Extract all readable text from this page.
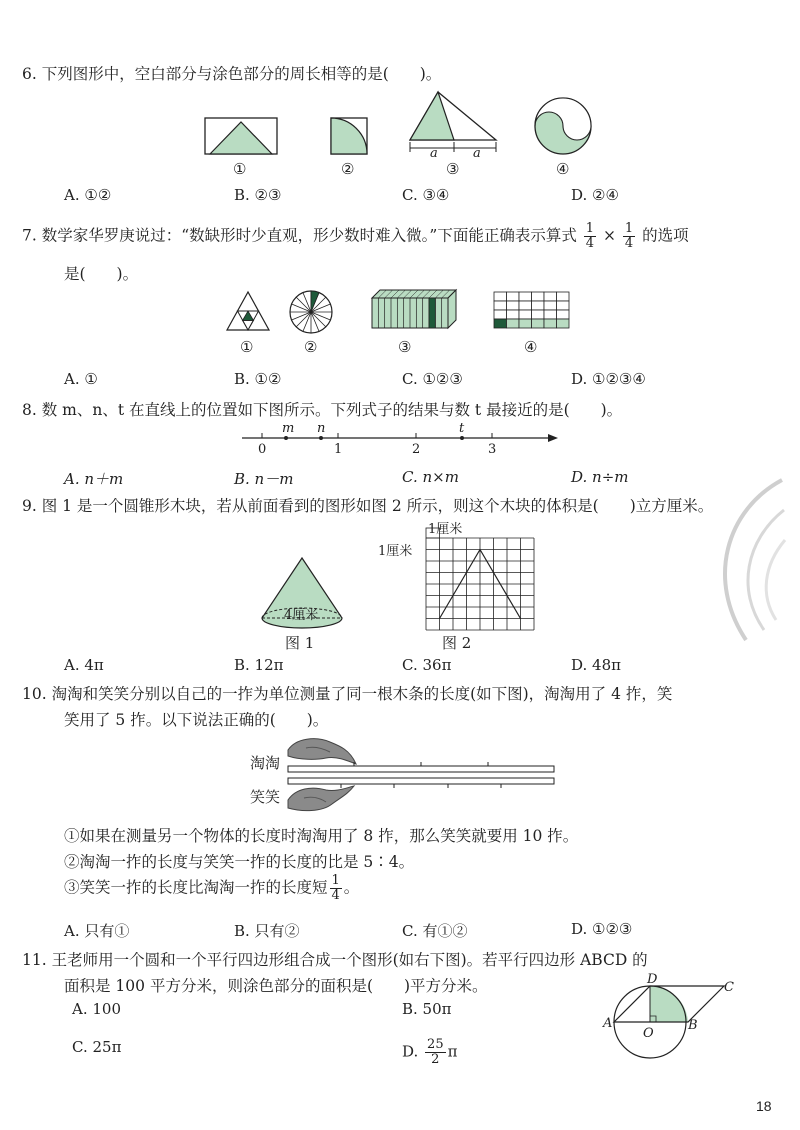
6. 下列图形中，空白部分与涂色部分的周长相等的是(　　)。
a	a
①	②	③	④
A. ①②	B. ②③	C. ③④	D. ②④
7. 数学家华罗庚说过：“数缺形时少直观，形少数时难入微。”下面能正确表示算式 $\frac{1}{4} \times \frac{1}{4}$ 的选项
是(　　)。
①	②	③	④
A. ①	B. ①②	C. ①②③	D. ①②③④
8. 数 m、n、t 在直线上的位置如下图所示。下列式子的结果与数 t 最接近的是(　　)。
m n	t
0	1	2	3
A. n＋m	B. n－m	C. n×m	D. n÷m
9. 图 1 是一个圆锥形木块，若从前面看到的图形如图 2 所示，则这个木块的体积是(　　)立方厘米。
4厘米
图 1
1厘米
1厘米
图 2
A. 4π	B. 12π	C. 36π	D. 48π
10. 淘淘和笑笑分别以自己的一拃为单位测量了同一根木条的长度(如下图)，淘淘用了 4 拃，笑
笑用了 5 拃。以下说法正确的(　　)。
淘淘
笑笑
①如果在测量另一个物体的长度时淘淘用了 8 拃，那么笑笑就要用 10 拃。
②淘淘一拃的长度与笑笑一拃的长度的比是 5∶4。
③笑笑一拃的长度比淘淘一拃的长度短 $\frac{1}{4}$ 。
A. 只有①	B. 只有②	C. 有①②	D. ①②③
11. 王老师用一个圆和一个平行四边形组合成一个图形(如右下图)。若平行四边形 ABCD 的
面积是 100 平方分米，则涂色部分的面积是(　　)平方分米。
A. 100	B. 50π
C. 25π	D. $\frac{25}{2}$ π
A	B
C
D
O
18
